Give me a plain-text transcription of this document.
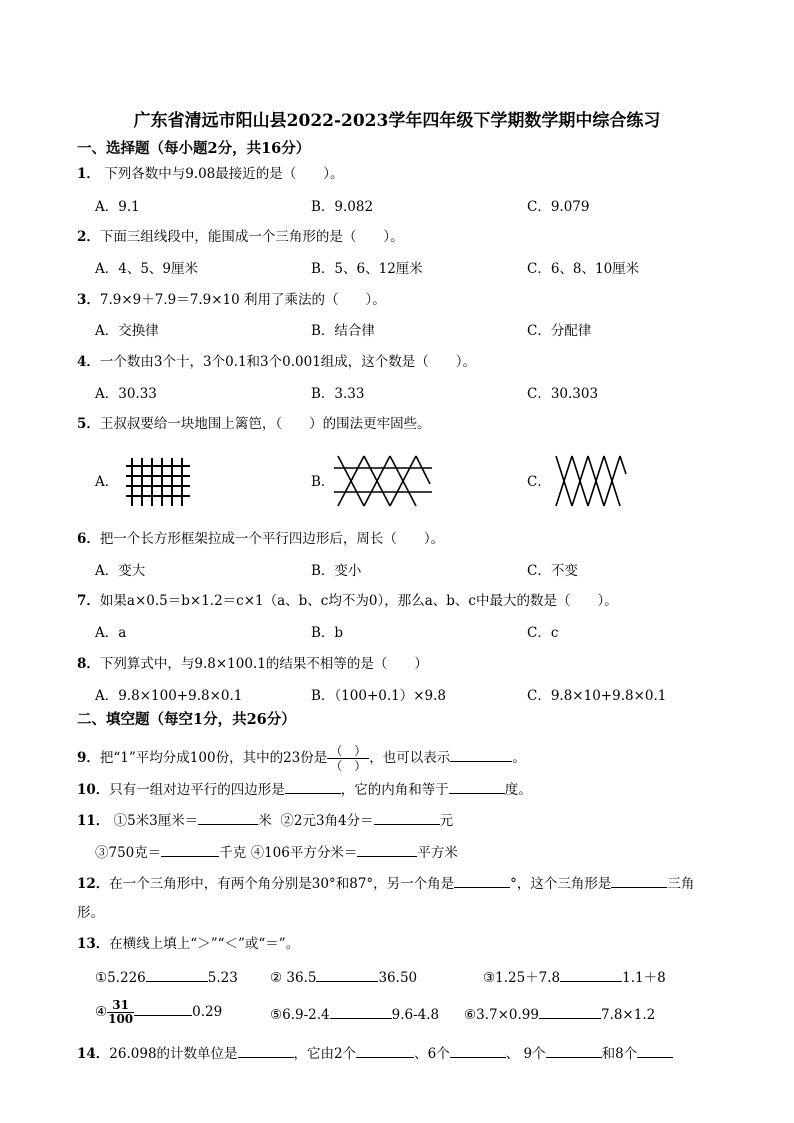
广东省清远市阳山县2022-2023学年四年级下学期数学期中综合练习
一、选择题（每小题2分，共16分）
1． 下列各数中与9.08最接近的是（　　）。
A．9.1	B．9.082	C．9.079
2．下面三组线段中，能围成一个三角形的是（　　）。
A．4、5、9厘米	B．5、6、12厘米	C．6、8、10厘米
3．7.9×9＋7.9＝7.9×10 利用了乘法的（　　）。
A．交换律	B．结合律	C．分配律
4．一个数由3个十，3个0.1和3个0.001组成，这个数是（　　）。
A．30.33	B．3.33	C．30.303
5．王叔叔要给一块地围上篱笆，（　　）的围法更牢固些。
A．	B．	C．
6．把一个长方形框架拉成一个平行四边形后，周长（　　）。
A．变大	B．变小	C．不变
7．如果a×0.5＝b×1.2＝c×1（a、b、c均不为0），那么a、b、c中最大的数是（　　）。
A．a	B．b	C．c
8．下列算式中，与9.8×100.1的结果不相等的是（　　）
A．9.8×100+9.8×0.1	B．（100+0.1）×9.8	C．9.8×10+9.8×0.1
二、填空题（每空1分，共26分）
9．把“1”平均分成100份，其中的23份是 $\frac{( )}{( )}$ ，也可以表示	。
10．只有一组对边平行的四边形是	，它的内角和等于	度。
11． ①5米3厘米＝	米 ②2元3角4分＝	元
③750克＝	千克 ④106平方分米＝	平方米
12．在一个三角形中，有两个角分别是30°和87°，另一个角是	°，这个三角形是	三角
形。
13．在横线上填上“＞”“＜”或“＝”。
①5.226	5.23 ② 36.5	36.50	③1.25＋7.8	1.1＋8
④ $\frac{31}{100}$	0.29	⑤6.9-2.4	9.6-4.8 ⑥3.7×0.99	7.8×1.2
14．26.098的计数单位是	，它由2个	、6个	、 9个	和8个
